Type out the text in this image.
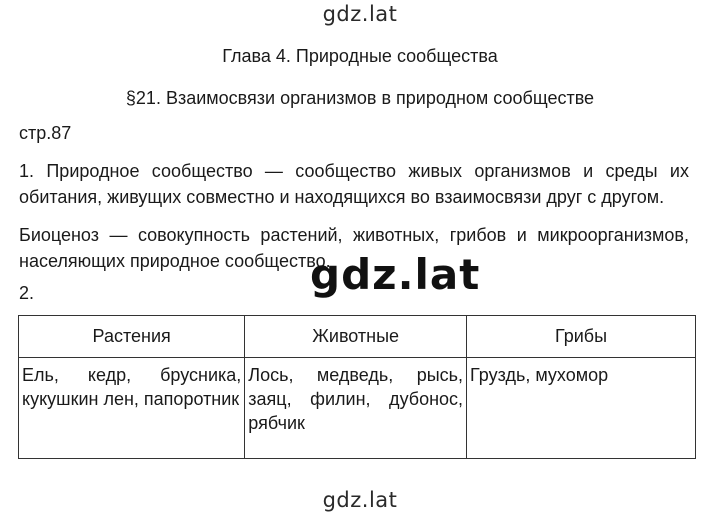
gdz.lat
Глава 4. Природные сообщества
§21. Взаимосвязи организмов в природном сообществе
стр.87
1. Природное сообщество — сообщество живых организмов и среды их обитания, живущих совместно и находящихся во взаимосвязи друг с другом.
Биоценоз — совокупность растений, животных, грибов и микроорганизмов, населяющих природное сообщество.
2.
Растения	Животные	Грибы
Ель, кедр, брусника, кукушкин лен, папоротник	Лось, медведь, рысь, заяц, филин, дубонос, рябчик	Груздь, мухомор
gdz.lat
gdz.lat
